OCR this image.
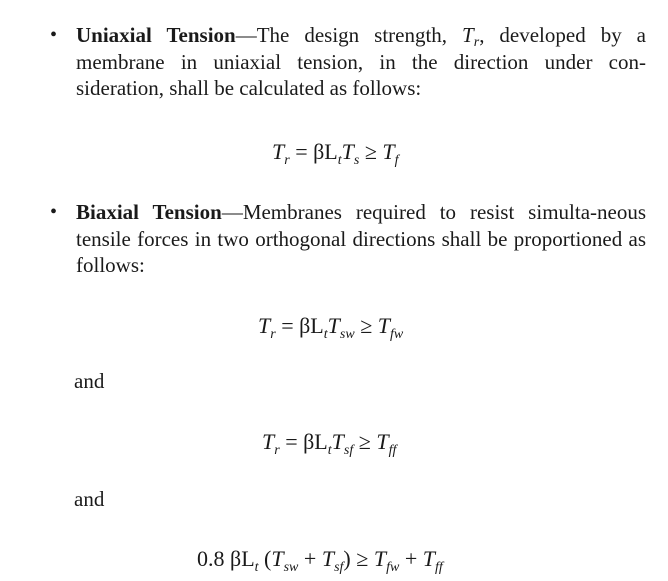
• Uniaxial Tension—The design strength, $T_r$, developed by a membrane in uniaxial tension, in the direction under con-sideration, shall be calculated as follows:
$T_r = \beta L_tT_s \ge T_f$
• Biaxial Tension—Membranes required to resist simulta-neous tensile forces in two orthogonal directions shall be proportioned as follows:
$T_r = \beta L_tT_{sw} \ge T_{fw}$
and
$T_r = \beta L_tT_{sf} \ge T_{ff}$
and
0.8 $\beta L_t$ $(T_{sw} + T_{sf}) \ge T_{fw} + T_{ff}$
